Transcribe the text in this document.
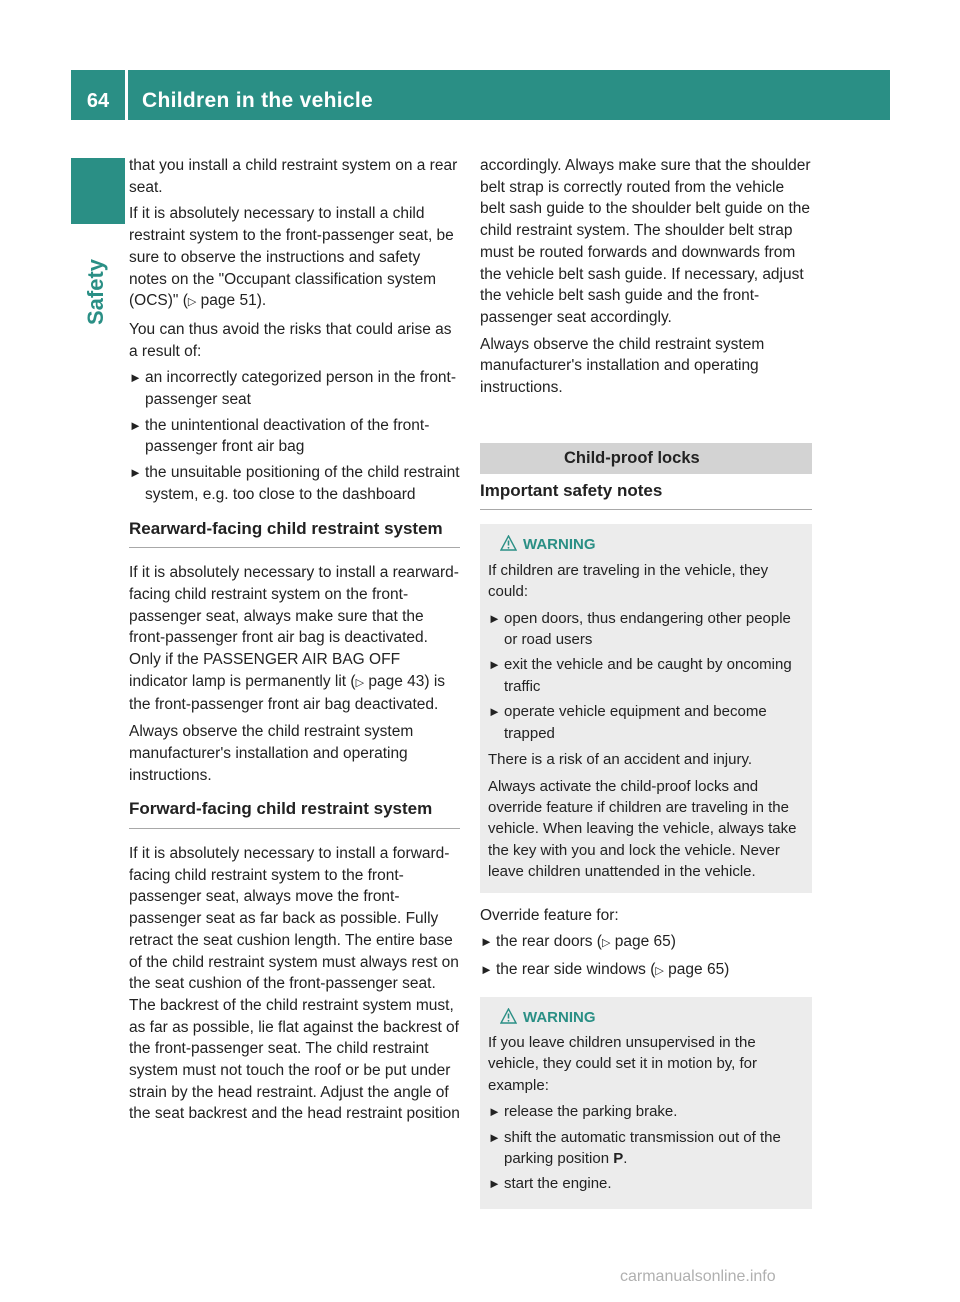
64	Children in the vehicle
Safety

that you install a child restraint system on a rear seat.

If it is absolutely necessary to install a child restraint system to the front-passenger seat, be sure to observe the instructions and safety notes on the "Occupant classification system (OCS)" (▷ page 51).

You can thus avoid the risks that could arise as a result of:

► an incorrectly categorized person in the front-passenger seat
► the unintentional deactivation of the front-passenger front air bag
► the unsuitable positioning of the child restraint system, e.g. too close to the dashboard
Rearward-facing child restraint system

If it is absolutely necessary to install a rearward-facing child restraint system on the front-passenger seat, always make sure that the front-passenger front air bag is deactivated. Only if the PASSENGER AIR BAG OFF indicator lamp is permanently lit (▷ page 43) is the front-passenger front air bag deactivated.

Always observe the child restraint system manufacturer's installation and operating instructions.

Forward-facing child restraint system

If it is absolutely necessary to install a forward-facing child restraint system to the front-passenger seat, always move the front-passenger seat as far back as possible. Fully retract the seat cushion length. The entire base of the child restraint system must always rest on the seat cushion of the front-passenger seat. The backrest of the child restraint system must, as far as possible, lie flat against the backrest of the front-passenger seat. The child restraint system must not touch the roof or be put under strain by the head restraint. Adjust the angle of the seat backrest and the head restraint position

accordingly. Always make sure that the shoulder belt strap is correctly routed from the vehicle belt sash guide to the shoulder belt guide on the child restraint system. The shoulder belt strap must be routed forwards and downwards from the vehicle belt sash guide. If necessary, adjust the vehicle belt sash guide and the front-passenger seat accordingly.

Always observe the child restraint system manufacturer's installation and operating instructions.

Child-proof locks
Important safety notes
WARNING

If children are traveling in the vehicle, they could:

► open doors, thus endangering other people or road users
► exit the vehicle and be caught by oncoming traffic
► operate vehicle equipment and become trapped

There is a risk of an accident and injury.

Always activate the child-proof locks and override feature if children are traveling in the vehicle. When leaving the vehicle, always take the key with you and lock the vehicle. Never leave children unattended in the vehicle.

Override feature for:

► the rear doors (▷ page 65)
► the rear side windows (▷ page 65)
WARNING

If you leave children unsupervised in the vehicle, they could set it in motion by, for example:

► release the parking brake.
► shift the automatic transmission out of the parking position P.
► start the engine.
carmanualsonline.info
